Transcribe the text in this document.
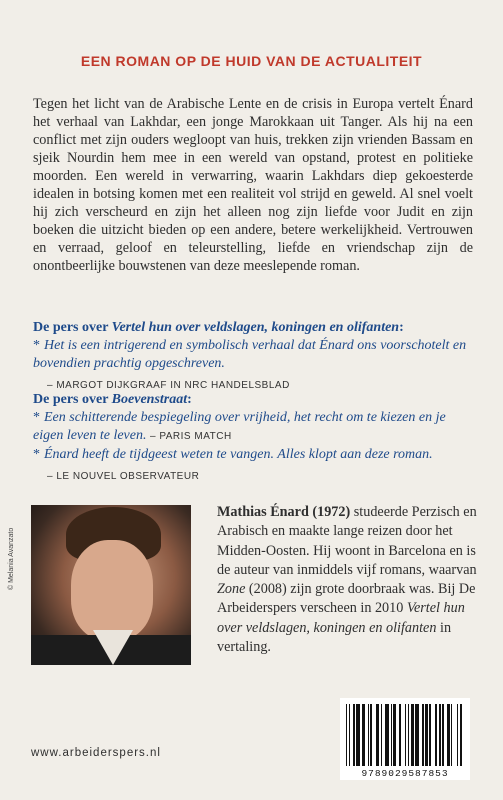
EEN ROMAN OP DE HUID VAN DE ACTUALITEIT
Tegen het licht van de Arabische Lente en de crisis in Europa vertelt Énard het verhaal van Lakhdar, een jonge Marokkaan uit Tanger. Als hij na een conflict met zijn ouders wegloopt van huis, trekken zijn vrienden Bassam en sjeik Nourdin hem mee in een wereld van opstand, protest en politieke moorden. Een wereld in verwarring, waarin Lakhdars diep gekoesterde idealen in botsing komen met een realiteit vol strijd en geweld. Al snel voelt hij zich verscheurd en zijn het alleen nog zijn liefde voor Judit en zijn boeken die uitzicht bieden op een andere, betere werkelijkheid. Vertrouwen en verraad, geloof en teleurstelling, liefde en vriendschap zijn de onontbeerlijke bouwstenen van deze meeslepende roman.
De pers over Vertel hun over veldslagen, koningen en olifanten:
* Het is een intrigerend en symbolisch verhaal dat Énard ons voorschotelt en bovendien prachtig opgeschreven.
– MARGOT DIJKGRAAF IN NRC HANDELSBLAD
De pers over Boevenstraat:
* Een schitterende bespiegeling over vrijheid, het recht om te kiezen en je eigen leven te leven. – PARIS MATCH
* Énard heeft de tijdgeest weten te vangen. Alles klopt aan deze roman.
– LE NOUVEL OBSERVATEUR
© Melania Avanzato
Mathias Énard (1972) studeerde Perzisch en Arabisch en maakte lange reizen door het Midden-Oosten. Hij woont in Barcelona en is de auteur van inmiddels vijf romans, waarvan Zone (2008) zijn grote doorbraak was. Bij De Arbeiderspers verscheen in 2010 Vertel hun over veldslagen, koningen en olifanten in vertaling.
www.arbeiderspers.nl
9789029587853
